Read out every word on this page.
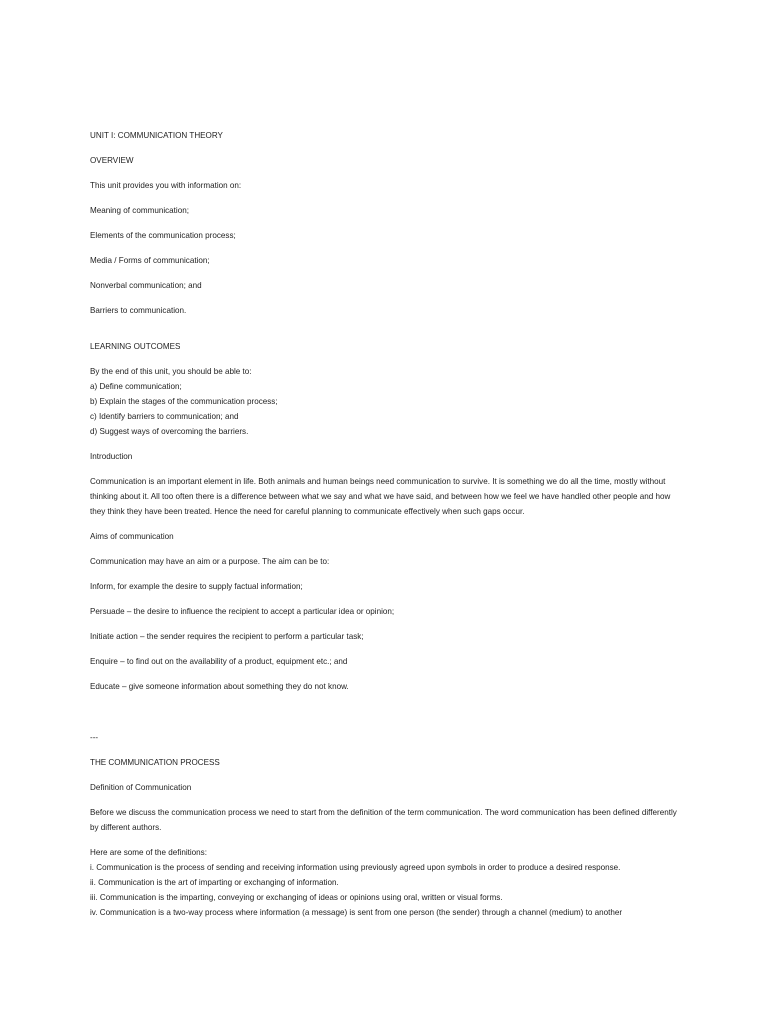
UNIT I: COMMUNICATION THEORY

OVERVIEW

This unit provides you with information on:

Meaning of communication;

Elements of the communication process;

Media / Forms of communication;

Nonverbal communication; and

Barriers to communication.

LEARNING OUTCOMES

By the end of this unit, you should be able to:

a) Define communication;

b) Explain the stages of the communication process;

c) Identify barriers to communication; and

d) Suggest ways of overcoming the barriers.

Introduction

Communication is an important element in life. Both animals and human beings need communication to survive. It is something we do all the time, mostly without thinking about it. All too often there is a difference between what we say and what we have said, and between how we feel we have handled other people and how they think they have been treated. Hence the need for careful planning to communicate effectively when such gaps occur.

Aims of communication

Communication may have an aim or a purpose. The aim can be to:

Inform, for example the desire to supply factual information;

Persuade – the desire to influence the recipient to accept a particular idea or opinion;

Initiate action – the sender requires the recipient to perform a particular task;

Enquire – to find out on the availability of a product, equipment etc.; and

Educate – give someone information about something they do not know.

---

THE COMMUNICATION PROCESS

Definition of Communication

Before we discuss the communication process we need to start from the definition of the term communication. The word communication has been defined differently by different authors.

Here are some of the definitions:

i. Communication is the process of sending and receiving information using previously agreed upon symbols in order to produce a desired response.

ii. Communication is the art of imparting or exchanging of information.

iii. Communication is the imparting, conveying or exchanging of ideas or opinions using oral, written or visual forms.

iv. Communication is a two-way process where information (a message) is sent from one person (the sender) through a channel (medium) to another
